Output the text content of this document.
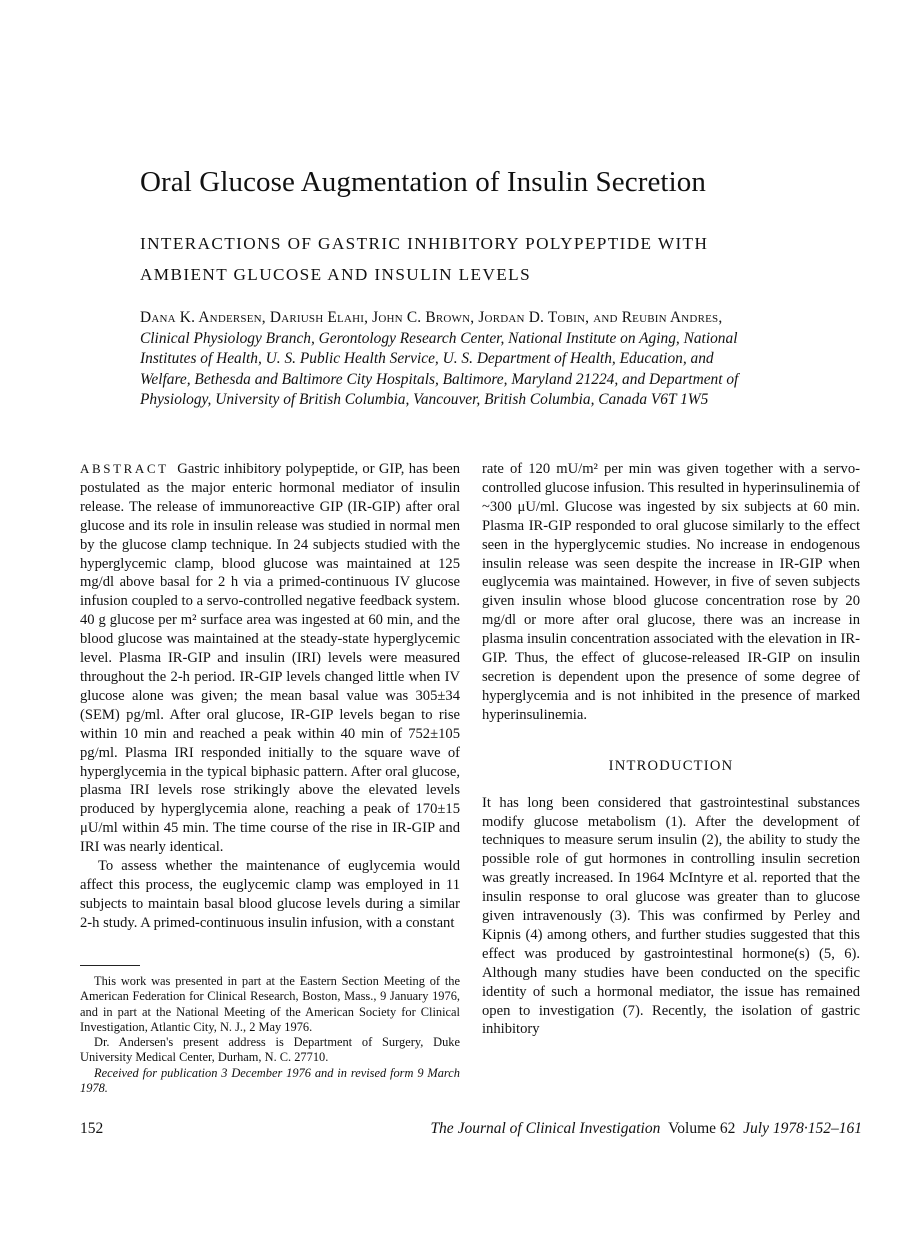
Oral Glucose Augmentation of Insulin Secretion
INTERACTIONS OF GASTRIC INHIBITORY POLYPEPTIDE WITH
AMBIENT GLUCOSE AND INSULIN LEVELS
Dana K. Andersen, Dariush Elahi, John C. Brown, Jordan D. Tobin, and Reubin Andres, Clinical Physiology Branch, Gerontology Research Center, National Institute on Aging, National Institutes of Health, U. S. Public Health Service, U. S. Department of Health, Education, and Welfare, Bethesda and Baltimore City Hospitals, Baltimore, Maryland 21224, and Department of Physiology, University of British Columbia, Vancouver, British Columbia, Canada V6T 1W5

ABSTRACT Gastric inhibitory polypeptide, or GIP, has been postulated as the major enteric hormonal mediator of insulin release. The release of immunoreactive GIP (IR-GIP) after oral glucose and its role in insulin release was studied in normal men by the glucose clamp technique. In 24 subjects studied with the hyperglycemic clamp, blood glucose was maintained at 125 mg/dl above basal for 2 h via a primed-continuous IV glucose infusion coupled to a servo-controlled negative feedback system. 40 g glucose per m² surface area was ingested at 60 min, and the blood glucose was maintained at the steady-state hyperglycemic level. Plasma IR-GIP and insulin (IRI) levels were measured throughout the 2-h period. IR-GIP levels changed little when IV glucose alone was given; the mean basal value was 305±34 (SEM) pg/ml. After oral glucose, IR-GIP levels began to rise within 10 min and reached a peak within 40 min of 752±105 pg/ml. Plasma IRI responded initially to the square wave of hyperglycemia in the typical biphasic pattern. After oral glucose, plasma IRI levels rose strikingly above the elevated levels produced by hyperglycemia alone, reaching a peak of 170±15 μU/ml within 45 min. The time course of the rise in IR-GIP and IRI was nearly identical.

To assess whether the maintenance of euglycemia would affect this process, the euglycemic clamp was employed in 11 subjects to maintain basal blood glucose levels during a similar 2-h study. A primed-continuous insulin infusion, with a constant

rate of 120 mU/m² per min was given together with a servo-controlled glucose infusion. This resulted in hyperinsulinemia of ~300 μU/ml. Glucose was ingested by six subjects at 60 min. Plasma IR-GIP responded to oral glucose similarly to the effect seen in the hyperglycemic studies. No increase in endogenous insulin release was seen despite the increase in IR-GIP when euglycemia was maintained. However, in five of seven subjects given insulin whose blood glucose concentration rose by 20 mg/dl or more after oral glucose, there was an increase in plasma insulin concentration associated with the elevation in IR-GIP. Thus, the effect of glucose-released IR-GIP on insulin secretion is dependent upon the presence of some degree of hyperglycemia and is not inhibited in the presence of marked hyperinsulinemia.

INTRODUCTION

It has long been considered that gastrointestinal substances modify glucose metabolism (1). After the development of techniques to measure serum insulin (2), the ability to study the possible role of gut hormones in controlling insulin secretion was greatly increased. In 1964 McIntyre et al. reported that the insulin response to oral glucose was greater than to glucose given intravenously (3). This was confirmed by Perley and Kipnis (4) among others, and further studies suggested that this effect was produced by gastrointestinal hormone(s) (5, 6). Although many studies have been conducted on the specific identity of such a hormonal mediator, the issue has remained open to investigation (7). Recently, the isolation of gastric inhibitory

152	The Journal of Clinical Investigation Volume 62 July 1978·152–161

This work was presented in part at the Eastern Section Meeting of the American Federation for Clinical Research, Boston, Mass., 9 January 1976, and in part at the National Meeting of the American Society for Clinical Investigation, Atlantic City, N. J., 2 May 1976.

Dr. Andersen's present address is Department of Surgery, Duke University Medical Center, Durham, N. C. 27710.

Received for publication 3 December 1976 and in revised form 9 March 1978.
